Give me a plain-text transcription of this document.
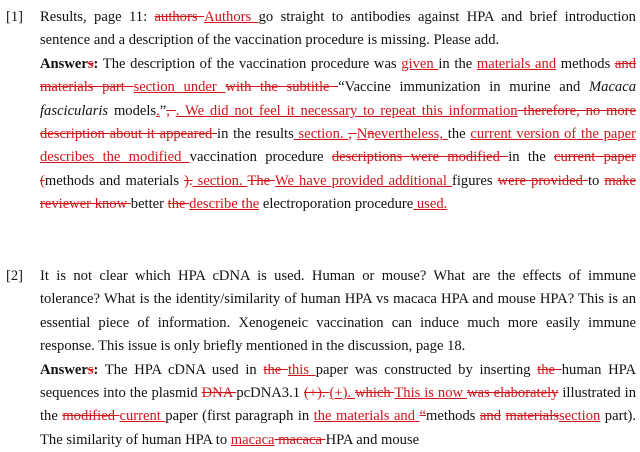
[1]	Results, page 11: authors Authors go straight to antibodies against HPA and brief introduction sentence and a description of the vaccination procedure is missing. Please add.

Answers: The description of the vaccination procedure was given in the materials and methods and materials part section under with the subtitle “Vaccine immunization in murine and Macaca fascicularis models.”, . We did not feel it necessary to repeat this information therefore, no more description about it appeared in the results section. , Nnevertheless, the current version of the paper describes the modified vaccination procedure descriptions were modified in the current paper (methods and materials ). section. The We have provided additional figures were provided to make reviewer know better the describe the electroporation procedure used.

[2]	It is not clear which HPA cDNA is used. Human or mouse? What are the effects of immune tolerance? What is the identity/similarity of human HPA vs macaca HPA and mouse HPA? This is an essential piece of information. Xenogeneic vaccination can induce much more easily immune response. This issue is only briefly mentioned in the discussion, page 18.

Answers: The HPA cDNA used in the this paper was constructed by inserting the human HPA sequences into the plasmid DNA pcDNA3.1 (+). (+). which This is now was elaborately illustrated in the modified current paper (first paragraph in the materials and “methods and materialssection part). The similarity of human HPA to macaca macaca HPA and mouse
